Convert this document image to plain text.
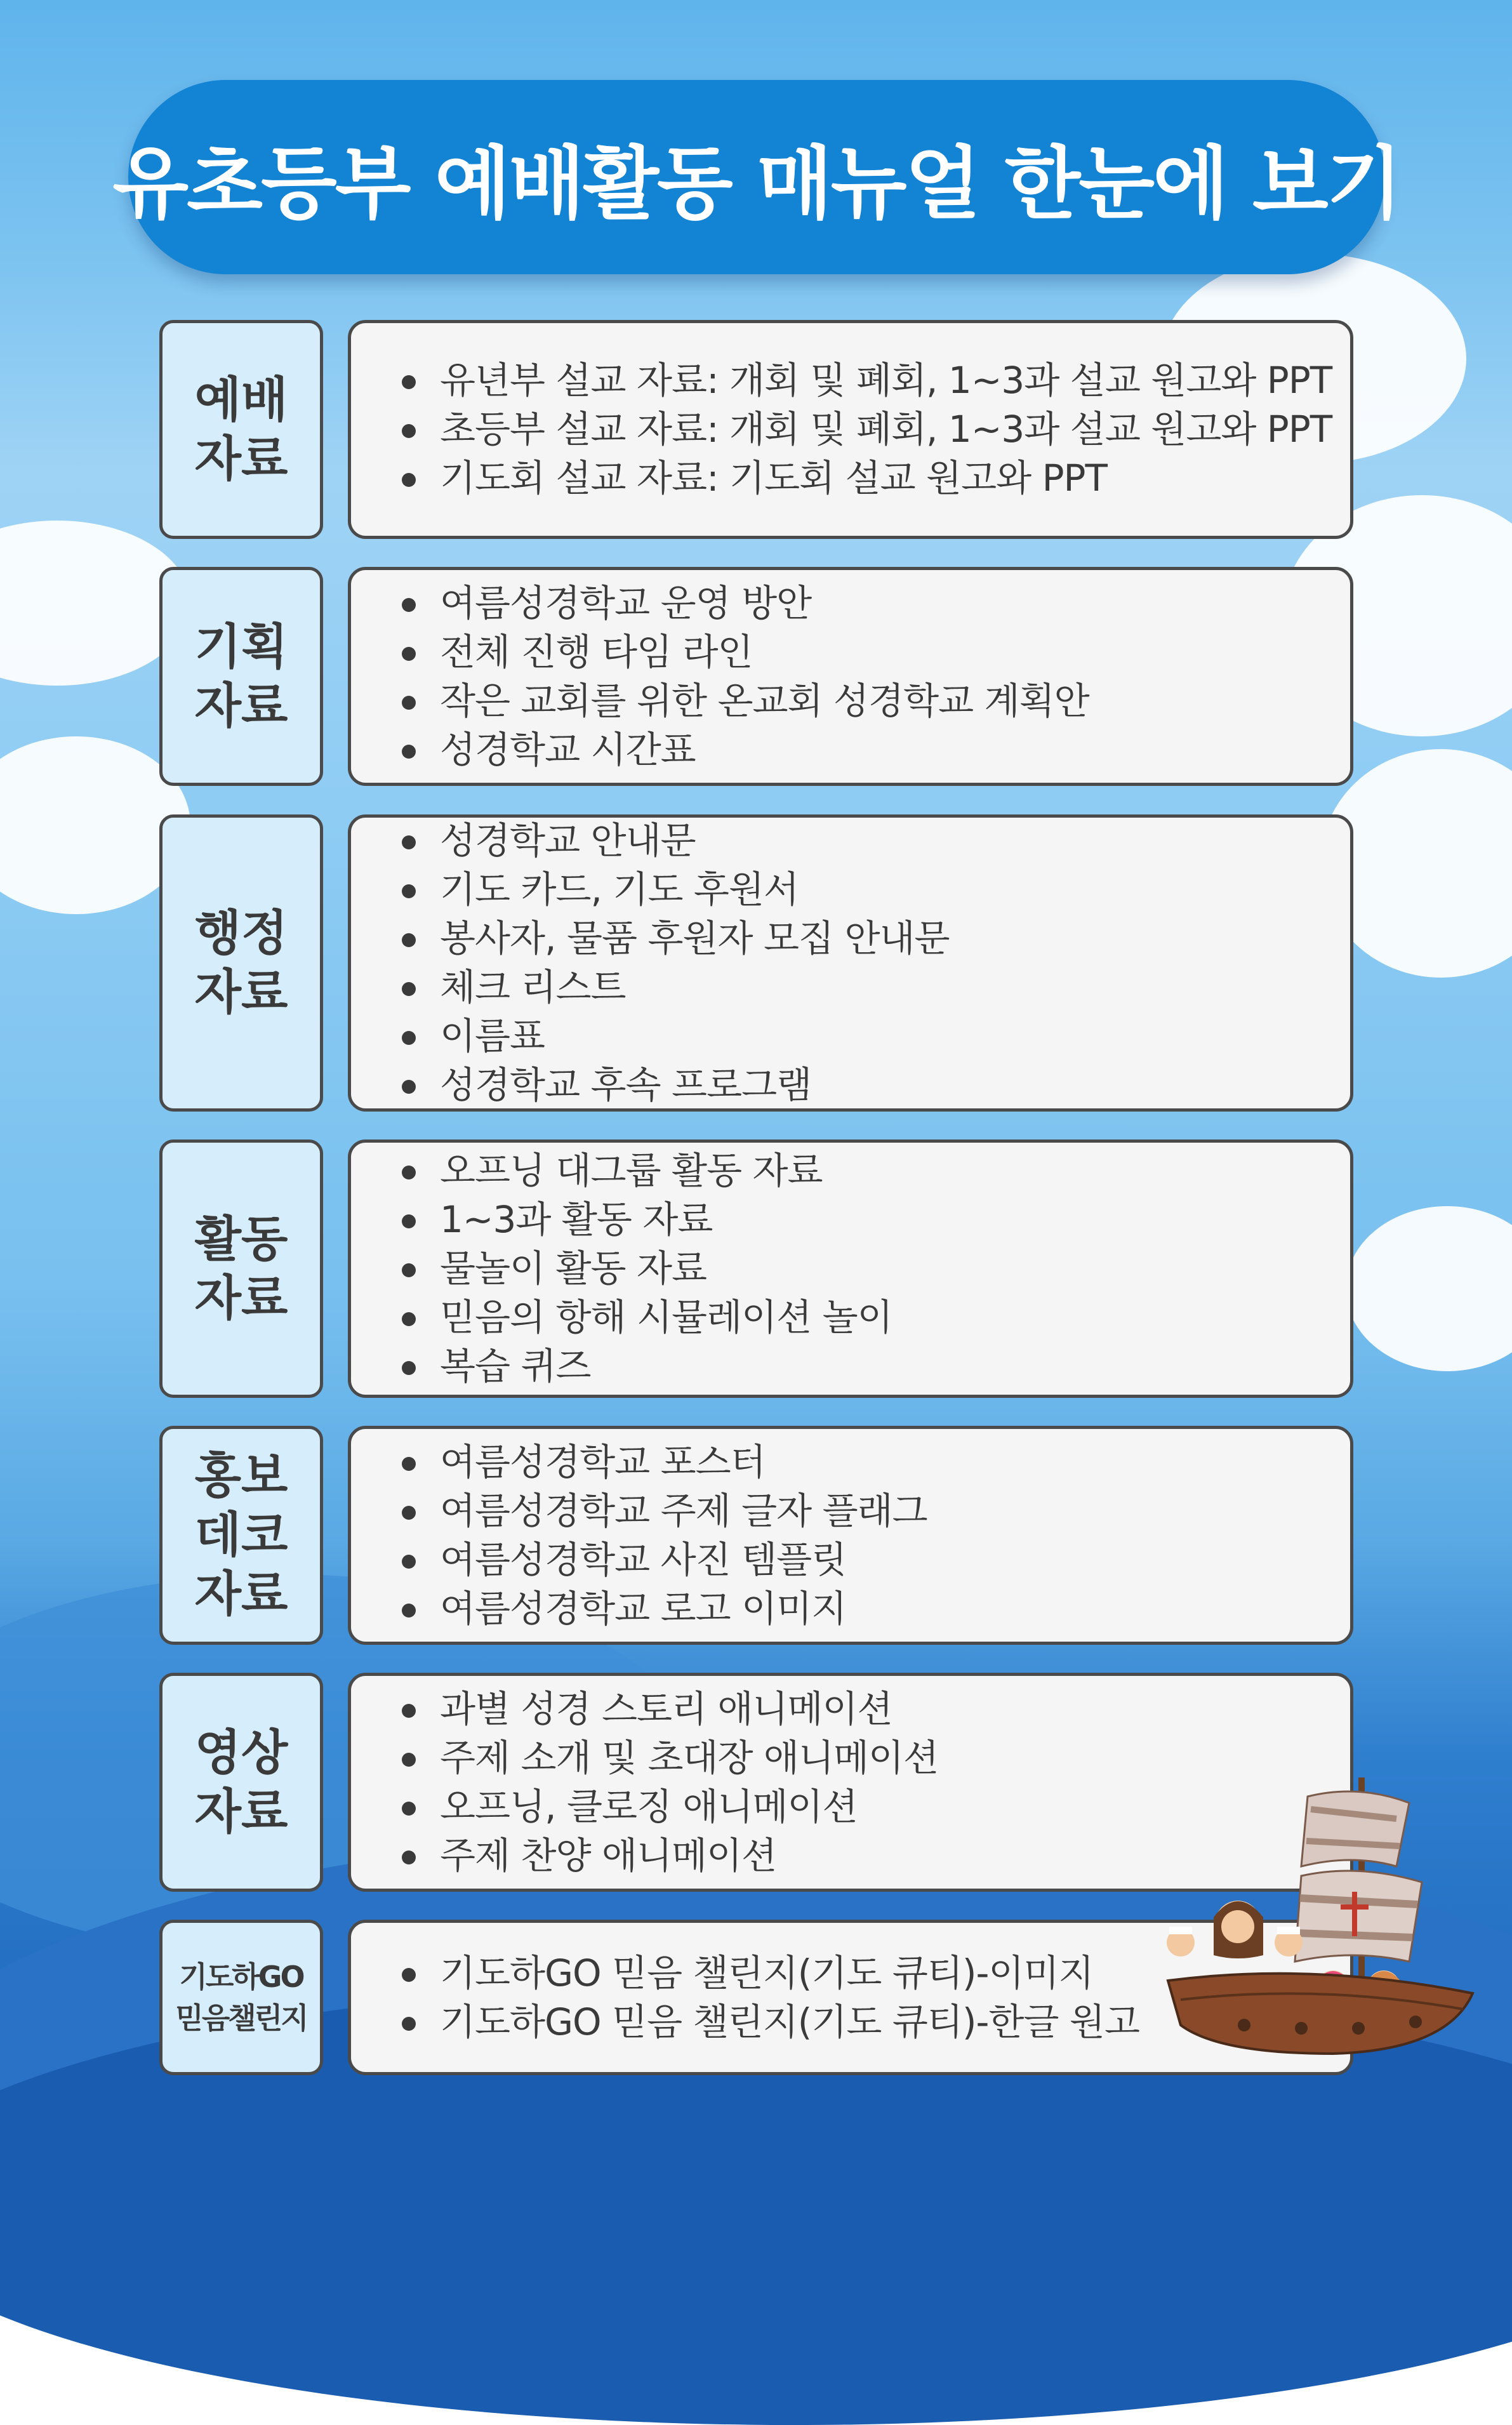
유초등부 예배활동 매뉴얼 한눈에 보기
예배
자료
유년부 설교 자료: 개회 및 폐회, 1~3과 설교 원고와 PPT
초등부 설교 자료: 개회 및 폐회, 1~3과 설교 원고와 PPT
기도회 설교 자료: 기도회 설교 원고와 PPT
기획
자료
여름성경학교 운영 방안
전체 진행 타임 라인
작은 교회를 위한 온교회 성경학교 계획안
성경학교 시간표
행정
자료
성경학교 안내문
기도 카드, 기도 후원서
봉사자, 물품 후원자 모집 안내문
체크 리스트
이름표
성경학교 후속 프로그램
활동
자료
오프닝 대그룹 활동 자료
1~3과 활동 자료
물놀이 활동 자료
믿음의 항해 시뮬레이션 놀이
복습 퀴즈
홍보
데코
자료
여름성경학교 포스터
여름성경학교 주제 글자 플래그
여름성경학교 사진 템플릿
여름성경학교 로고 이미지
영상
자료
과별 성경 스토리 애니메이션
주제 소개 및 초대장 애니메이션
오프닝, 클로징 애니메이션
주제 찬양 애니메이션
기도하GO
믿음챌린지
기도하GO 믿음 챌린지(기도 큐티)-이미지
기도하GO 믿음 챌린지(기도 큐티)-한글 원고
